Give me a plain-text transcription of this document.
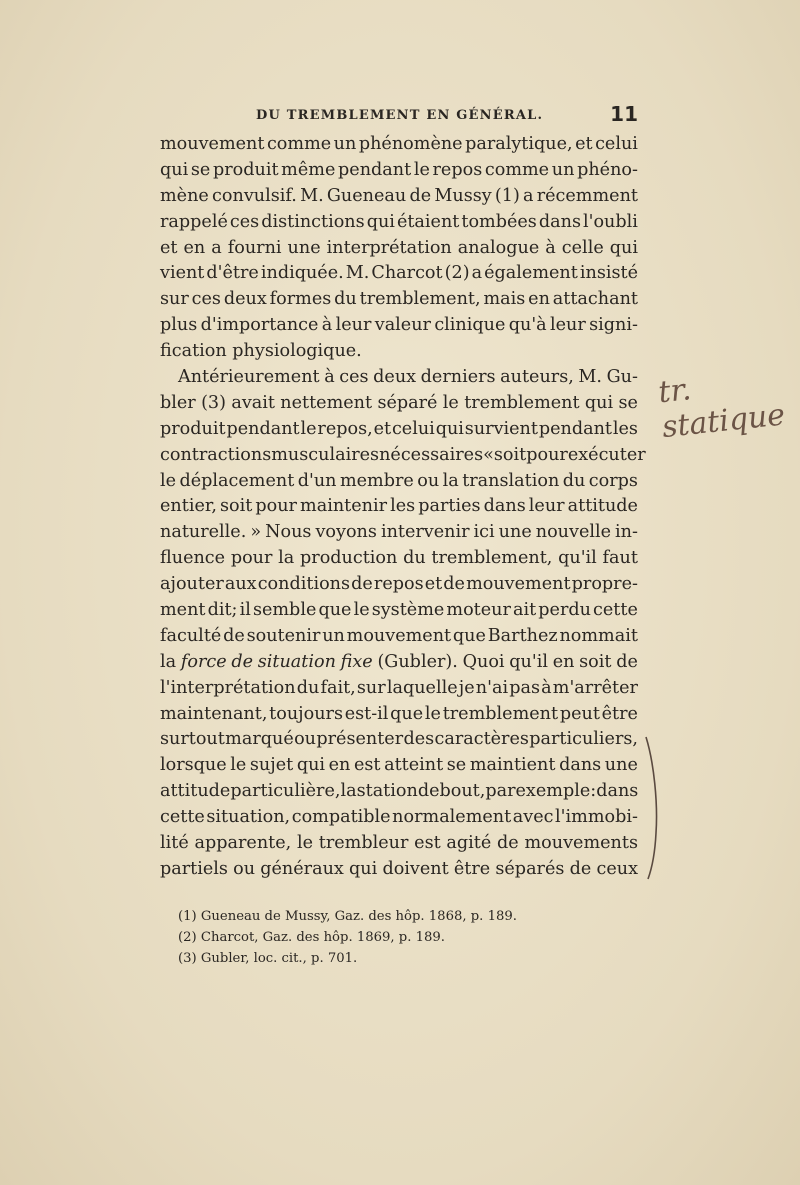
DU TREMBLEMENT EN GÉNÉRAL.	11
mouvement comme un phénomène paralytique, et celui
qui se produit même pendant le repos comme un phéno-
mène convulsif. M. Gueneau de Mussy (1) a récemment
rappelé ces distinctions qui étaient tombées dans l'oubli
et en a fourni une interprétation analogue à celle qui
vient d'être indiquée. M. Charcot (2) a également insisté
sur ces deux formes du tremblement, mais en attachant
plus d'importance à leur valeur clinique qu'à leur signi-
fication physiologique.
Antérieurement à ces deux derniers auteurs, M. Gu-
bler (3) avait nettement séparé le tremblement qui se
produit pendant le repos, et celui qui survient pendant les
contractions musculaires nécessaires « soit pour exécuter
le déplacement d'un membre ou la translation du corps
entier, soit pour maintenir les parties dans leur attitude
naturelle. » Nous voyons intervenir ici une nouvelle in-
fluence pour la production du tremblement, qu'il faut
ajouter aux conditions de repos et de mouvement propre-
ment dit; il semble que le système moteur ait perdu cette
faculté de soutenir un mouvement que Barthez nommait
la force de situation fixe (Gubler). Quoi qu'il en soit de
l'interprétation du fait, sur laquelle je n'ai pas à m'arrêter
maintenant, toujours est-il que le tremblement peut être
surtout marqué ou présenter des caractères particuliers,
lorsque le sujet qui en est atteint se maintient dans une
attitude particulière, la station debout, par exemple : dans
cette situation, compatible normalement avec l'immobi-
lité apparente, le trembleur est agité de mouvements
partiels ou généraux qui doivent être séparés de ceux
(1) Gueneau de Mussy, Gaz. des hôp. 1868, p. 189.
(2) Charcot, Gaz. des hôp. 1869, p. 189.
(3) Gubler, loc. cit., p. 701.
tr. statique
